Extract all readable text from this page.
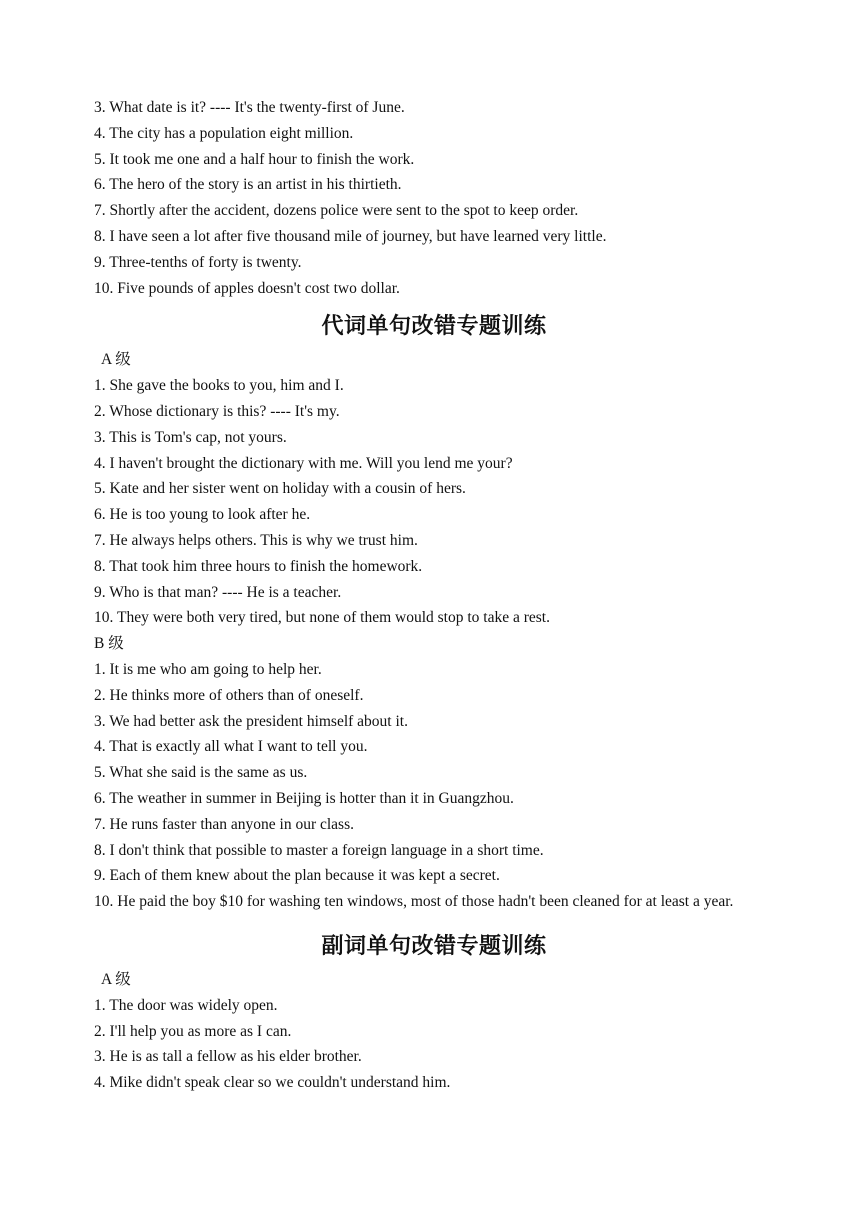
3. What date is it? ---- It's the twenty-first of June.

4. The city has a population eight million.

5. It took me one and a half hour to finish the work.

6. The hero of the story is an artist in his thirtieth.

7. Shortly after the accident, dozens police were sent to the spot to keep order.

8. I have seen a lot after five thousand mile of journey, but have learned very little.

9. Three-tenths of forty is twenty.

10. Five pounds of apples doesn't cost two dollar.

代词单句改错专题训练

A 级

1. She gave the books to you, him and I.

2. Whose dictionary is this? ---- It's my.

3. This is Tom's cap, not yours.

4. I haven't brought the dictionary with me. Will you lend me your?

5. Kate and her sister went on holiday with a cousin of hers.

6. He is too young to look after he.

7. He always helps others. This is why we trust him.

8. That took him three hours to finish the homework.

9. Who is that man? ---- He is a teacher.

10. They were both very tired, but none of them would stop to take a rest.

B 级

1. It is me who am going to help her.

2. He thinks more of others than of oneself.

3. We had better ask the president himself about it.

4. That is exactly all what I want to tell you.

5. What she said is the same as us.

6. The weather in summer in Beijing is hotter than it in Guangzhou.

7. He runs faster than anyone in our class.

8. I don't think that possible to master a foreign language in a short time.

9. Each of them knew about the plan because it was kept a secret.

10. He paid the boy $10 for washing ten windows, most of those hadn't been cleaned for at least a year.

副词单句改错专题训练

A 级

1. The door was widely open.

2. I'll help you as more as I can.

3. He is as tall a fellow as his elder brother.

4. Mike didn't speak clear so we couldn't understand him.
